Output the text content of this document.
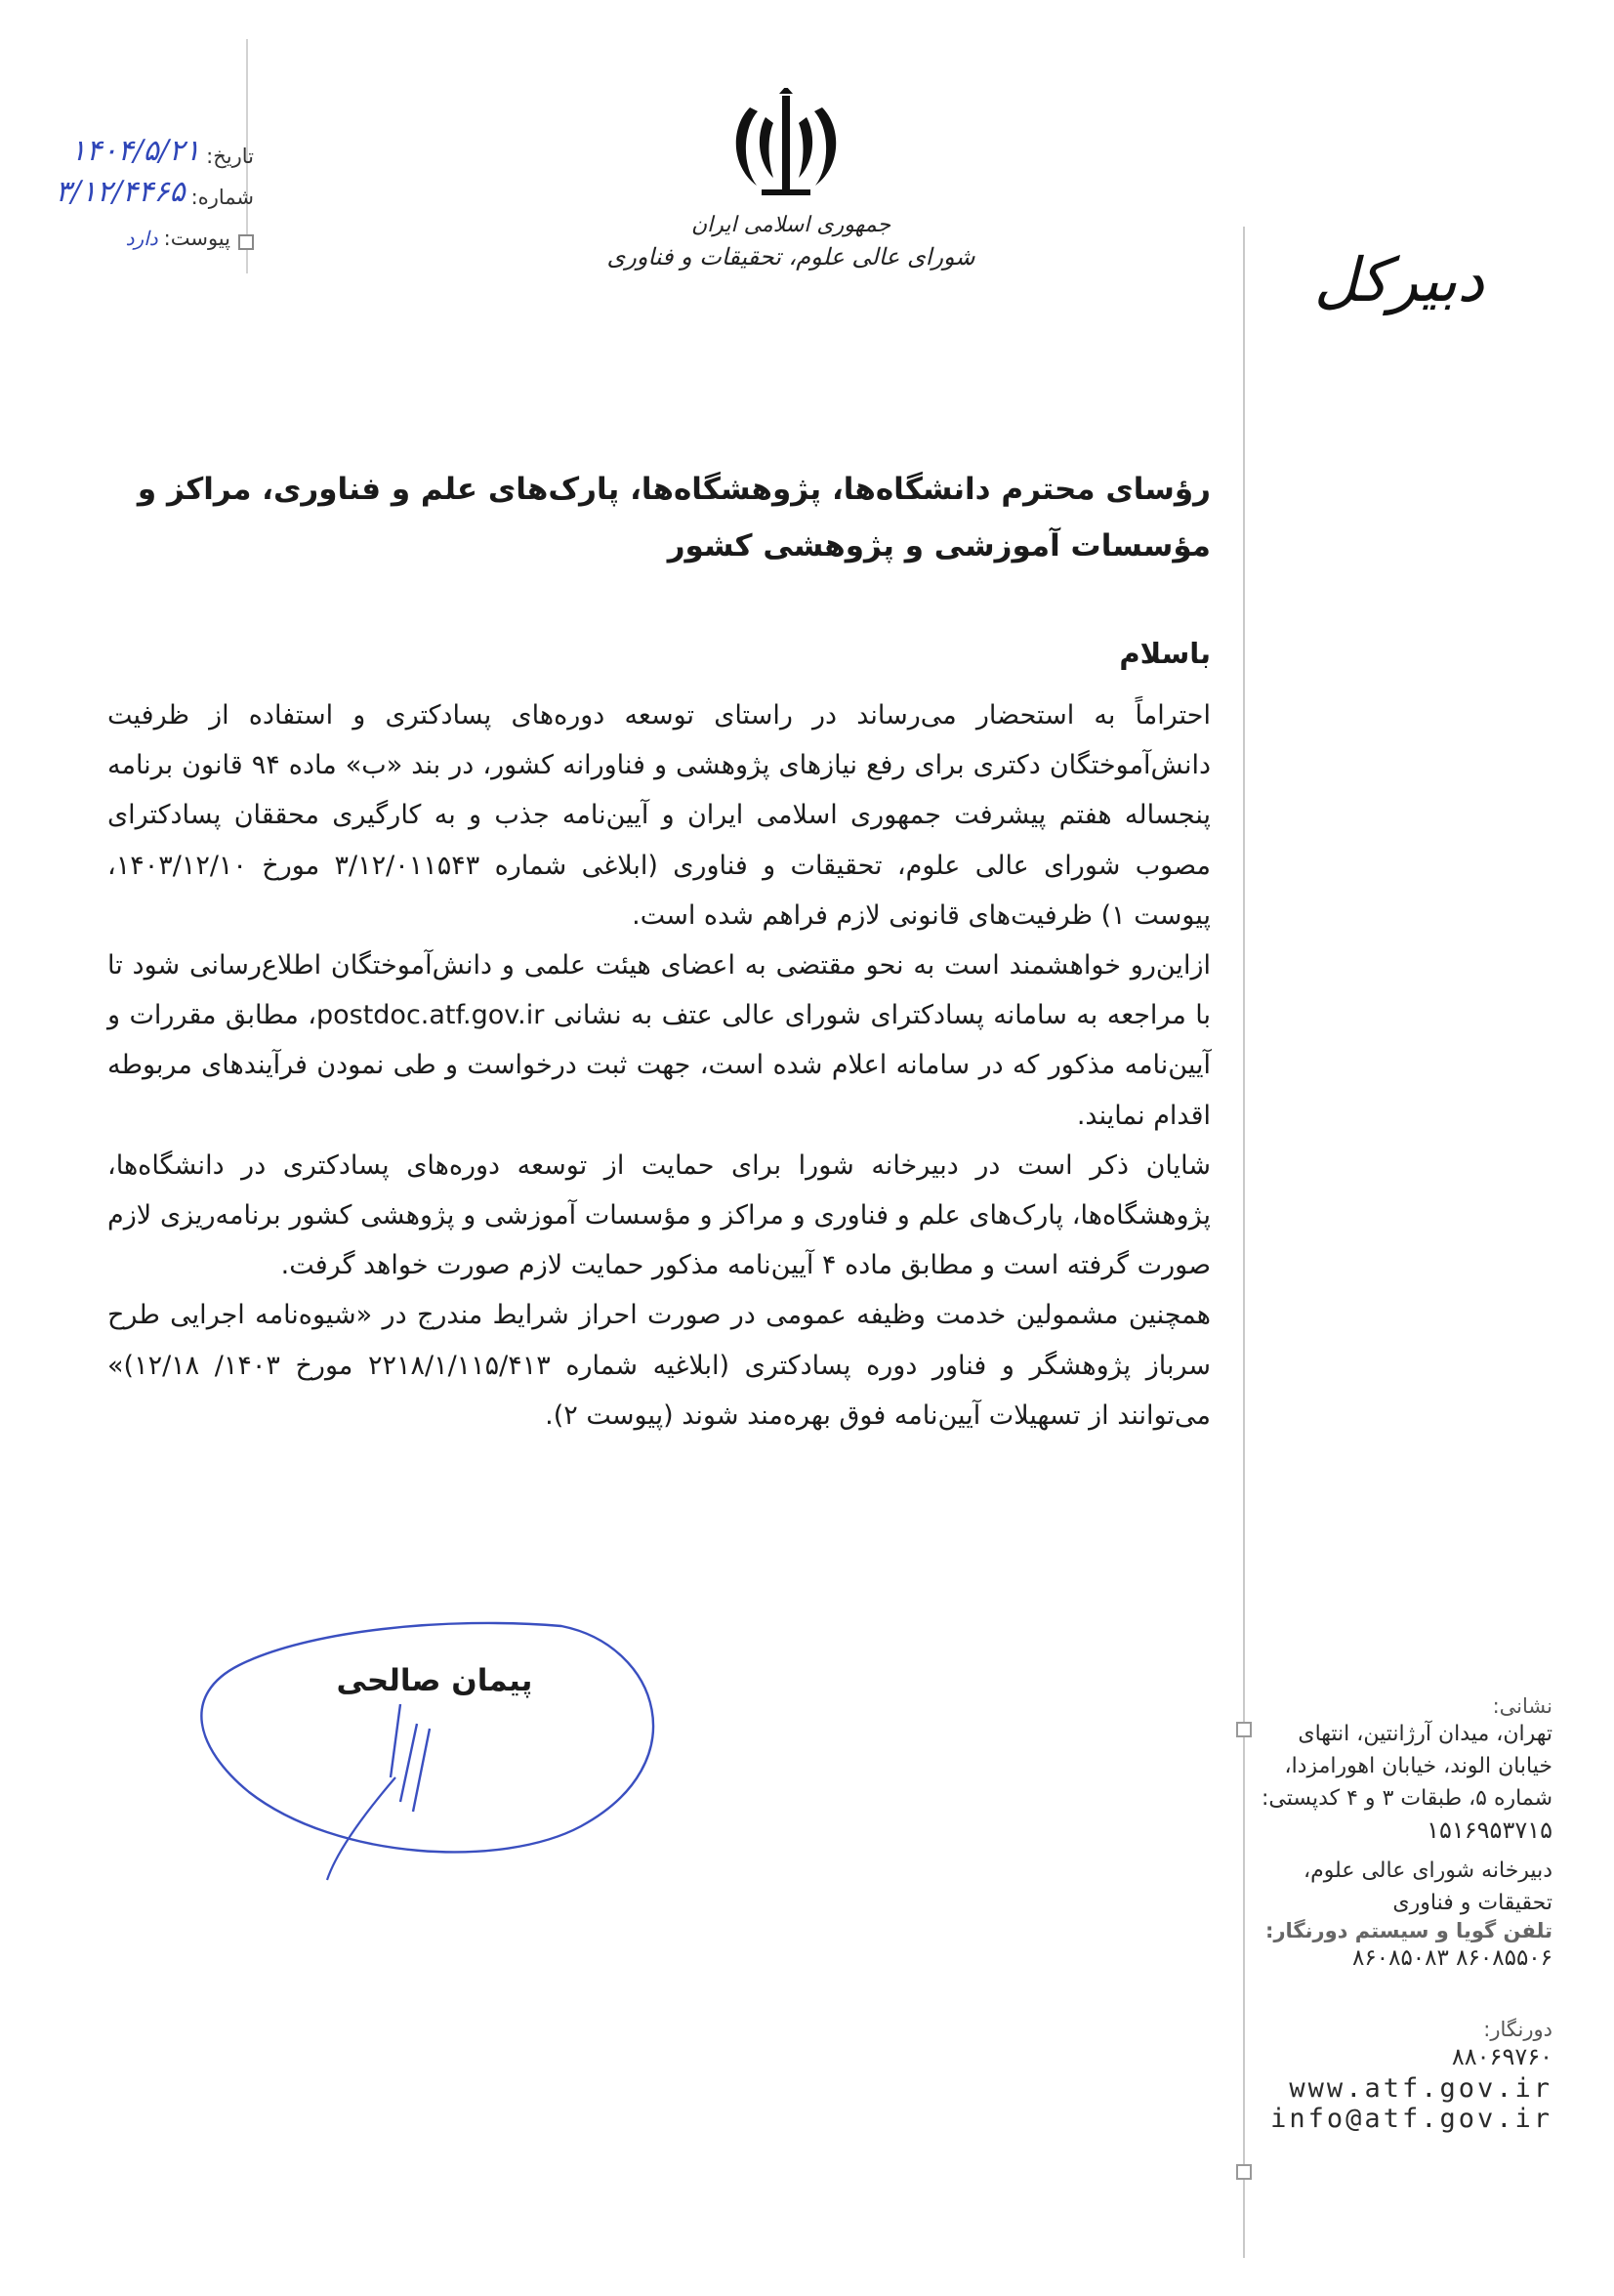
تاریخ:
۱۴۰۴/۵/۲۱
شماره:
۳/۱۲/۴۴۶۵
پیوست:
دارد
جمهوری اسلامی ایران
شورای عالی علوم، تحقیقات و فناوری	دبیرکل
رؤسای محترم دانشگاه‌ها، پژوهشگاه‌ها، پارک‌های علم و فناوری، مراکز و مؤسسات آموزشی و پژوهشی کشور
باسلام

احتراماً به استحضار می‌رساند در راستای توسعه دوره‌های پسادکتری و استفاده از ظرفیت دانش‌آموختگان دکتری برای رفع نیازهای پژوهشی و فناورانه کشور، در بند «ب» ماده ۹۴ قانون برنامه پنجساله هفتم پیشرفت جمهوری اسلامی ایران و آیین‌نامه جذب و به کارگیری محققان پسادکترای مصوب شورای عالی علوم، تحقیقات و فناوری (ابلاغی شماره ۳/۱۲/۰۱۱۵۴۳ مورخ ۱۴۰۳/۱۲/۱۰، پیوست ۱) ظرفیت‌های قانونی لازم فراهم شده است.

ازاین‌رو خواهشمند است به نحو مقتضی به اعضای هیئت علمی و دانش‌آموختگان اطلاع‌رسانی شود تا با مراجعه به سامانه پسادکترای شورای عالی عتف به نشانی postdoc.atf.gov.ir، مطابق مقررات و آیین‌نامه مذکور که در سامانه اعلام شده است، جهت ثبت درخواست و طی نمودن فرآیندهای مربوطه اقدام نمایند.

شایان ذکر است در دبیرخانه شورا برای حمایت از توسعه دوره‌های پسادکتری در دانشگاه‌ها، پژوهشگاه‌ها، پارک‌های علم و فناوری و مراکز و مؤسسات آموزشی و پژوهشی کشور برنامه‌ریزی لازم صورت گرفته است و مطابق ماده ۴ آیین‌نامه مذکور حمایت لازم صورت خواهد گرفت.

همچنین مشمولین خدمت وظیفه عمومی در صورت احراز شرایط مندرج در «شیوه‌نامه اجرایی طرح سرباز پژوهشگر و فناور دوره پسادکتری (ابلاغیه شماره ۲۲۱۸/۱/۱۱۵/۴۱۳ مورخ ۱۴۰۳/ ۱۲/۱۸)» می‌توانند از تسهیلات آیین‌نامه فوق بهره‌مند شوند (پیوست ۲).

پیمان صالحی
نشانی:
تهران، میدان آرژانتین، انتهای
خیابان الوند، خیابان اهورامزدا،
شماره ۵، طبقات ۳ و ۴ کدپستی:
۱۵۱۶۹۵۳۷۱۵
دبیرخانه شورای عالی علوم،
تحقیقات و فناوری
تلفن گویا و سیستم دورنگار:
۸۶۰۸۵۵۰۶ ۸۶۰۸۵۰۸۳
دورنگار:
۸۸۰۶۹۷۶۰
www.atf.gov.ir
info@atf.gov.ir
